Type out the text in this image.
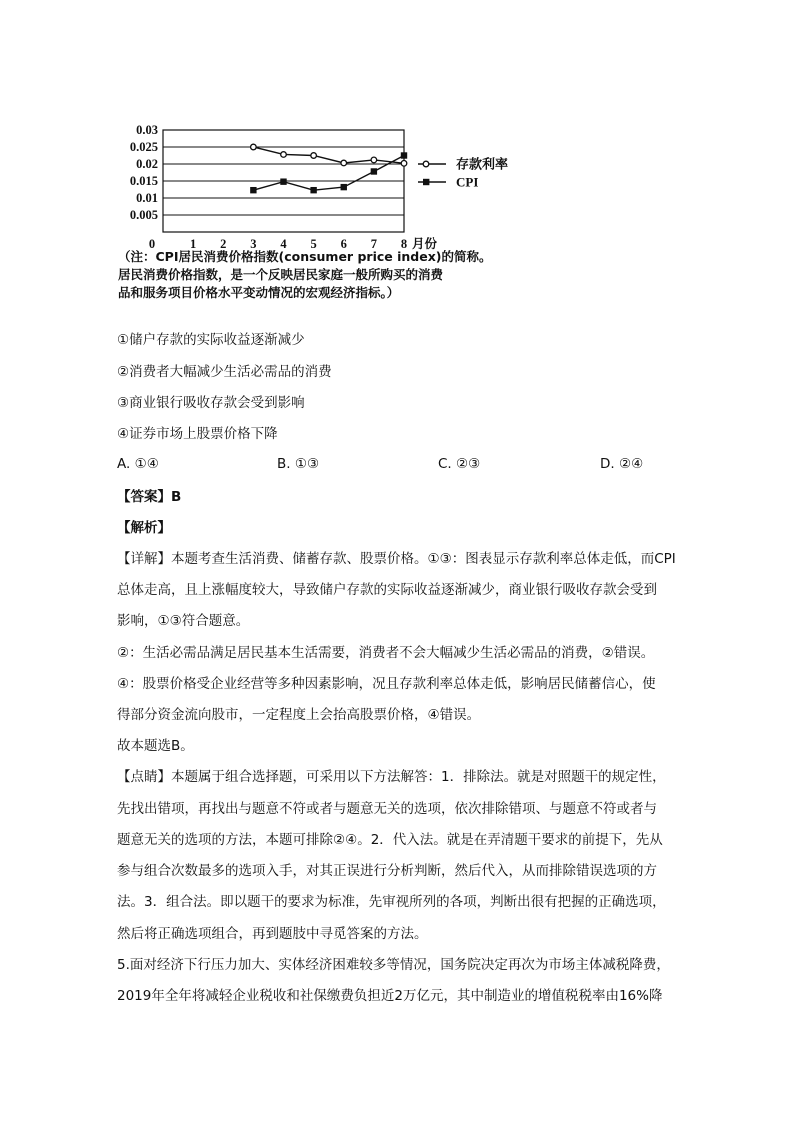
0.03
0.025
0.02
0.015
0.01
0.005
0	1 2 3 4 5 6 7 8 月份
存款利率
CPI
（注：CPI居民消费价格指数(consumer price index)的简称。
居民消费价格指数，是一个反映居民家庭一般所购买的消费
品和服务项目价格水平变动情况的宏观经济指标。）
①储户存款的实际收益逐渐减少
②消费者大幅减少生活必需品的消费
③商业银行吸收存款会受到影响
④证券市场上股票价格下降
A. ①④	B. ①③	C. ②③	D. ②④
【答案】B
【解析】
【详解】本题考查生活消费、储蓄存款、股票价格。①③：图表显示存款利率总体走低，而CPI
总体走高，且上涨幅度较大，导致储户存款的实际收益逐渐减少，商业银行吸收存款会受到
影响，①③符合题意。
②：生活必需品满足居民基本生活需要，消费者不会大幅减少生活必需品的消费，②错误。
④：股票价格受企业经营等多种因素影响，况且存款利率总体走低，影响居民储蓄信心，使
得部分资金流向股市，一定程度上会抬高股票价格，④错误。
故本题选B。
【点睛】本题属于组合选择题，可采用以下方法解答：1．排除法。就是对照题干的规定性，
先找出错项，再找出与题意不符或者与题意无关的选项，依次排除错项、与题意不符或者与
题意无关的选项的方法，本题可排除②④。2．代入法。就是在弄清题干要求的前提下，先从
参与组合次数最多的选项入手，对其正误进行分析判断，然后代入，从而排除错误选项的方
法。3．组合法。即以题干的要求为标准，先审视所列的各项，判断出很有把握的正确选项，
然后将正确选项组合，再到题肢中寻觅答案的方法。
5.面对经济下行压力加大、实体经济困难较多等情况，国务院决定再次为市场主体减税降费，
2019年全年将减轻企业税收和社保缴费负担近2万亿元，其中制造业的增值税税率由16%降
